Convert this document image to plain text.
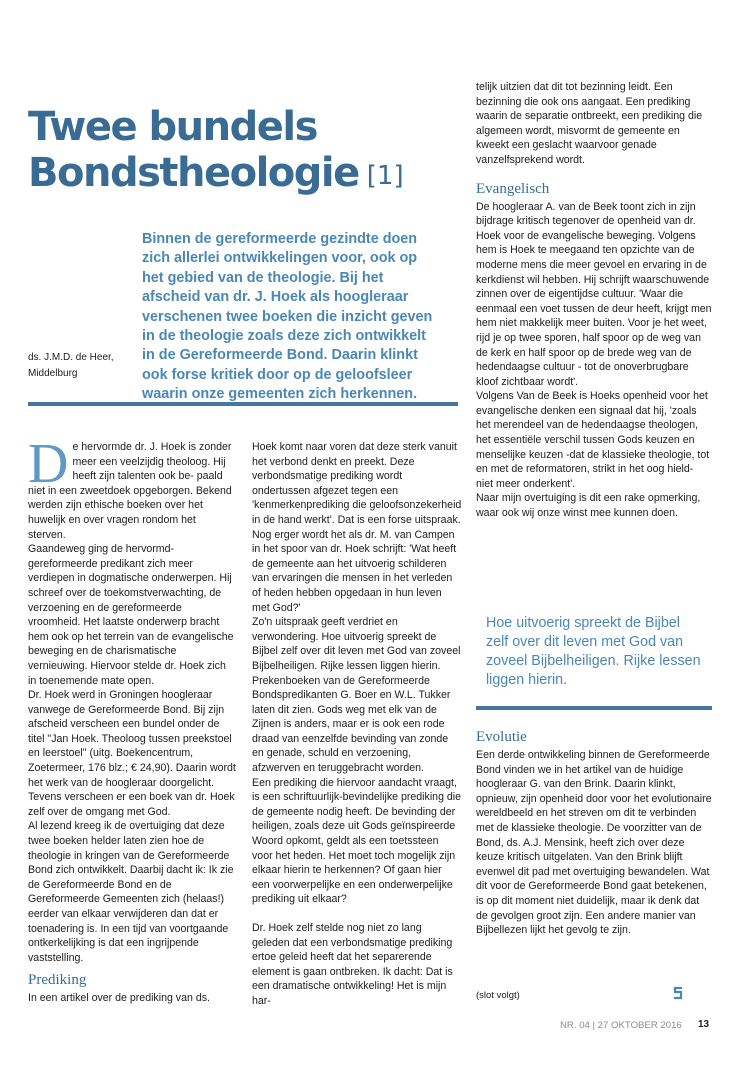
Twee bundels
Bondstheologie [1]
Binnen de gereformeerde gezindte doen zich allerlei ontwikkelingen voor, ook op het gebied van de theologie. Bij het afscheid van dr. J. Hoek als hoogleraar verschenen twee boeken die inzicht geven in de theologie zoals deze zich ontwikkelt in de Gereformeerde Bond. Daarin klinkt ook forse kritiek door op de geloofsleer waarin onze gemeenten zich herkennen.
ds. J.M.D. de Heer,
Middelburg

De hervormde dr. J. Hoek is zonder meer een veelzijdig theoloog. Hij heeft zijn talenten ook be- paald niet in een zweetdoek opgeborgen. Bekend werden zijn ethische boeken over het huwelijk en over vragen rondom het sterven.

Gaandeweg ging de hervormd-gereformeerde predikant zich meer verdiepen in dogmatische onderwerpen. Hij schreef over de toekomstverwachting, de verzoening en de gereformeerde vroomheid. Het laatste onderwerp bracht hem ook op het terrein van de evangelische beweging en de charismatische vernieuwing. Hiervoor stelde dr. Hoek zich in toenemende mate open.

Dr. Hoek werd in Groningen hoogleraar vanwege de Gereformeerde Bond. Bij zijn afscheid verscheen een bundel onder de titel "Jan Hoek. Theoloog tussen preekstoel en leerstoel" (uitg. Boekencentrum, Zoetermeer, 176 blz.; € 24,90). Daarin wordt het werk van de hoogleraar doorgelicht. Tevens verscheen er een boek van dr. Hoek zelf over de omgang met God.

Al lezend kreeg ik de overtuiging dat deze twee boeken helder laten zien hoe de theologie in kringen van de Gereformeerde Bond zich ontwikkelt. Daarbij dacht ik: Ik zie de Gereformeerde Bond en de Gereformeerde Gemeenten zich (helaas!) eerder van elkaar verwijderen dan dat er toenadering is. In een tijd van voortgaande ontkerkelijking is dat een ingrijpende vaststelling.

Prediking

In een artikel over de prediking van ds.

Hoek komt naar voren dat deze sterk vanuit het verbond denkt en preekt. Deze verbondsmatige prediking wordt ondertussen afgezet tegen een 'kenmerkenprediking die geloofsonzekerheid in de hand werkt'. Dat is een forse uitspraak. Nog erger wordt het als dr. M. van Campen in het spoor van dr. Hoek schrijft: 'Wat heeft de gemeente aan het uitvoerig schilderen van ervaringen die mensen in het verleden of heden hebben opgedaan in hun leven met God?'

Zo'n uitspraak geeft verdriet en verwondering. Hoe uitvoerig spreekt de Bijbel zelf over dit leven met God van zoveel Bijbelheiligen. Rijke lessen liggen hierin. Prekenboeken van de Gereformeerde Bondspredikanten G. Boer en W.L. Tukker laten dit zien. Gods weg met elk van de Zijnen is anders, maar er is ook een rode draad van eenzelfde bevinding van zonde en genade, schuld en verzoening, afzwerven en teruggebracht worden.

Een prediking die hiervoor aandacht vraagt, is een schriftuurlijk-bevindelijke prediking die de gemeente nodig heeft. De bevinding der heiligen, zoals deze uit Gods geïnspireerde Woord opkomt, geldt als een toetssteen voor het heden. Het moet toch mogelijk zijn elkaar hierin te herkennen? Of gaan hier een voorwerpelijke en een onderwerpelijke prediking uit elkaar?

Dr. Hoek zelf stelde nog niet zo lang geleden dat een verbondsmatige prediking ertoe geleid heeft dat het separerende element is gaan ontbreken. Ik dacht: Dat is een dramatische ontwikkeling! Het is mijn har-

telijk uitzien dat dit tot bezinning leidt. Een bezinning die ook ons aangaat. Een prediking waarin de separatie ontbreekt, een prediking die algemeen wordt, misvormt de gemeente en kweekt een geslacht waarvoor genade vanzelfsprekend wordt.

Evangelisch

De hoogleraar A. van de Beek toont zich in zijn bijdrage kritisch tegenover de openheid van dr. Hoek voor de evangelische beweging. Volgens hem is Hoek te meegaand ten opzichte van de moderne mens die meer gevoel en ervaring in de kerkdienst wil hebben. Hij schrijft waarschuwende zinnen over de eigentijdse cultuur. 'Waar die eenmaal een voet tussen de deur heeft, krijgt men hem niet makkelijk meer buiten. Voor je het weet, rijd je op twee sporen, half spoor op de weg van de kerk en half spoor op de brede weg van de hedendaagse cultuur - tot de onoverbrugbare kloof zichtbaar wordt'.

Volgens Van de Beek is Hoeks openheid voor het evangelische denken een signaal dat hij, 'zoals het merendeel van de hedendaagse theologen, het essentiële verschil tussen Gods keuzen en menselijke keuzen -dat de klassieke theologie, tot en met de reformatoren, strikt in het oog hield- niet meer onderkent'.

Naar mijn overtuiging is dit een rake opmerking, waar ook wij onze winst mee kunnen doen.

Hoe uitvoerig spreekt de Bijbel zelf over dit leven met God van zoveel Bijbelheiligen. Rijke lessen liggen hierin.
Evolutie

Een derde ontwikkeling binnen de Gereformeerde Bond vinden we in het artikel van de huidige hoogleraar G. van den Brink. Daarin klinkt, opnieuw, zijn openheid door voor het evolutionaire wereldbeeld en het streven om dit te verbinden met de klassieke theologie. De voorzitter van de Bond, ds. A.J. Mensink, heeft zich over deze keuze kritisch uitgelaten. Van den Brink blijft evenwel dit pad met overtuiging bewandelen. Wat dit voor de Gereformeerde Bond gaat betekenen, is op dit moment niet duidelijk, maar ik denk dat de gevolgen groot zijn. Een andere manier van Bijbellezen lijkt het gevolg te zijn.

(slot volgt)
NR. 04 | 27 OKTOBER 2016 13
